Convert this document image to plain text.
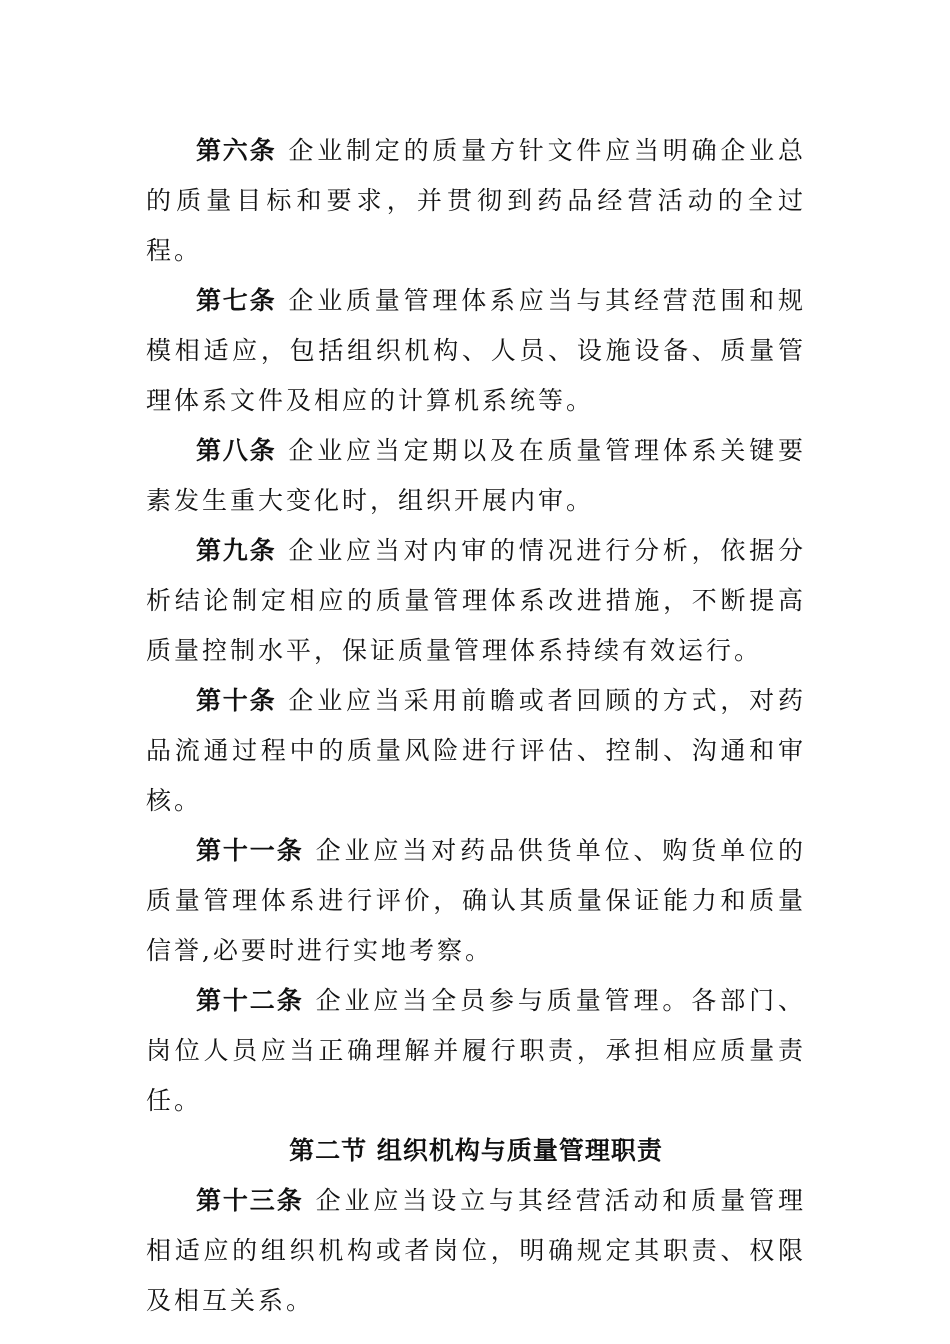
第六条 企业制定的质量方针文件应当明确企业总的质量目标和要求，并贯彻到药品经营活动的全过程。

第七条 企业质量管理体系应当与其经营范围和规模相适应，包括组织机构、人员、设施设备、质量管理体系文件及相应的计算机系统等。

第八条 企业应当定期以及在质量管理体系关键要素发生重大变化时，组织开展内审。

第九条 企业应当对内审的情况进行分析，依据分析结论制定相应的质量管理体系改进措施，不断提高质量控制水平，保证质量管理体系持续有效运行。

第十条 企业应当采用前瞻或者回顾的方式，对药品流通过程中的质量风险进行评估、控制、沟通和审核。

第十一条 企业应当对药品供货单位、购货单位的质量管理体系进行评价，确认其质量保证能力和质量信誉,必要时进行实地考察。

第十二条 企业应当全员参与质量管理。各部门、岗位人员应当正确理解并履行职责，承担相应质量责任。

第二节 组织机构与质量管理职责

第十三条 企业应当设立与其经营活动和质量管理相适应的组织机构或者岗位，明确规定其职责、权限及相互关系。
